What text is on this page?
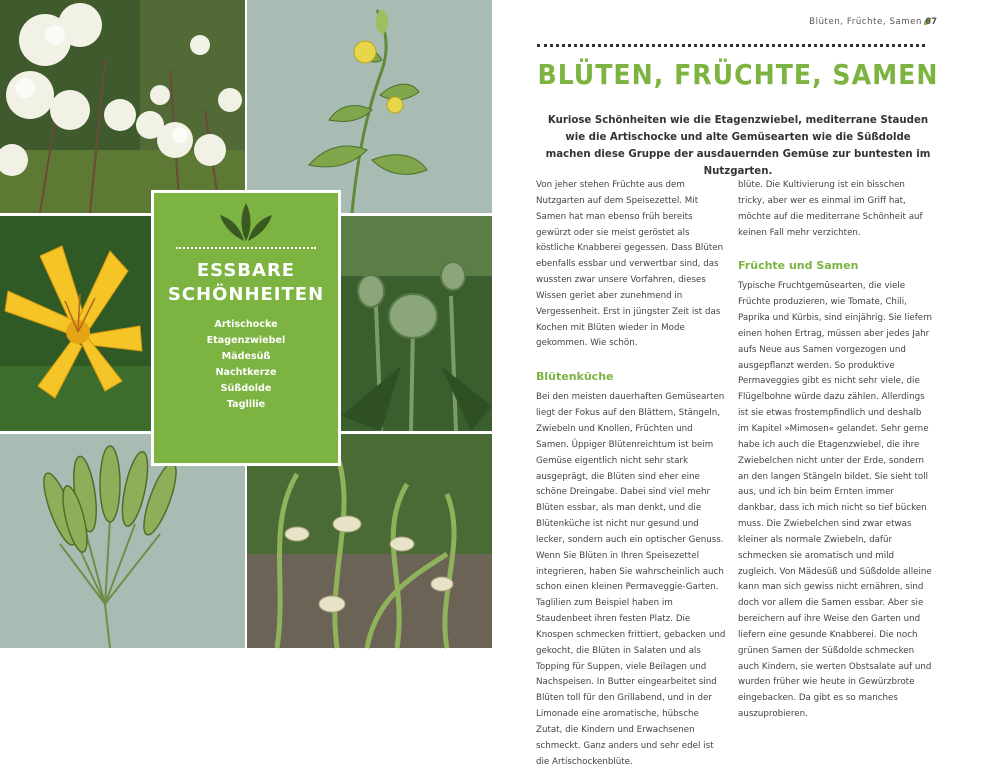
ESSBARE
SCHÖNHEITEN
Artischocke
Etagenzwiebel
Mädesüß
Nachtkerze
Süßdolde
Taglilie
Blüten, Früchte, Samen 67
BLÜTEN, FRÜCHTE, SAMEN
Kuriose Schönheiten wie die Etagenzwiebel, mediterrane Stauden wie die Artischocke und alte Gemüsearten wie die Süßdolde machen diese Gruppe der ausdauernden Gemüse zur buntesten im Nutzgarten.

Von jeher stehen Früchte aus dem Nutzgarten auf dem Speisezettel. Mit Samen hat man ebenso früh bereits gewürzt oder sie meist geröstet als köstliche Knabberei gegessen. Dass Blüten ebenfalls essbar und verwertbar sind, das wussten zwar unsere Vorfahren, dieses Wissen geriet aber zunehmend in Vergessenheit. Erst in jüngster Zeit ist das Kochen mit Blüten wieder in Mode gekommen. Wie schön.

Blütenküche

Bei den meisten dauerhaften Gemüsearten liegt der Fokus auf den Blättern, Stängeln, Zwiebeln und Knollen, Früchten und Samen. Üppiger Blütenreichtum ist beim Gemüse eigentlich nicht sehr stark ausgeprägt, die Blüten sind eher eine schöne Dreingabe. Dabei sind viel mehr Blüten essbar, als man denkt, und die Blütenküche ist nicht nur gesund und lecker, sondern auch ein optischer Genuss. Wenn Sie Blüten in Ihren Speisezettel integrieren, haben Sie wahrscheinlich auch schon einen kleinen Permaveggie-Garten. Taglilien zum Beispiel haben im Staudenbeet ihren festen Platz. Die Knospen schmecken frittiert, gebacken und gekocht, die Blüten in Salaten und als Topping für Suppen, viele Beilagen und Nachspeisen. In Butter eingearbeitet sind Blüten toll für den Grillabend, und in der Limonade eine aromatische, hübsche Zutat, die Kindern und Erwachsenen schmeckt. Ganz anders und sehr edel ist die Artischockenblüte.

blüte. Die Kultivierung ist ein bisschen tricky, aber wer es einmal im Griff hat, möchte auf die mediterrane Schönheit auf keinen Fall mehr verzichten.

Früchte und Samen

Typische Fruchtgemüsearten, die viele Früchte produzieren, wie Tomate, Chili, Paprika und Kürbis, sind einjährig. Sie liefern einen hohen Ertrag, müssen aber jedes Jahr aufs Neue aus Samen vorgezogen und ausgepflanzt werden. So produktive Permaveggies gibt es nicht sehr viele, die Flügelbohne würde dazu zählen. Allerdings ist sie etwas frostempfindlich und deshalb im Kapitel »Mimosen« gelandet. Sehr gerne habe ich auch die Etagenzwiebel, die ihre Zwiebelchen nicht unter der Erde, sondern an den langen Stängeln bildet. Sie sieht toll aus, und ich bin beim Ernten immer dankbar, dass ich mich nicht so tief bücken muss. Die Zwiebelchen sind zwar etwas kleiner als normale Zwiebeln, dafür schmecken sie aromatisch und mild zugleich. Von Mädesüß und Süßdolde alleine kann man sich gewiss nicht ernähren, sind doch vor allem die Samen essbar. Aber sie bereichern auf ihre Weise den Garten und liefern eine gesunde Knabberei. Die noch grünen Samen der Süßdolde schmecken auch Kindern, sie werten Obstsalate auf und wurden früher wie heute in Gewürzbrote eingebacken. Da gibt es so manches auszuprobieren.
